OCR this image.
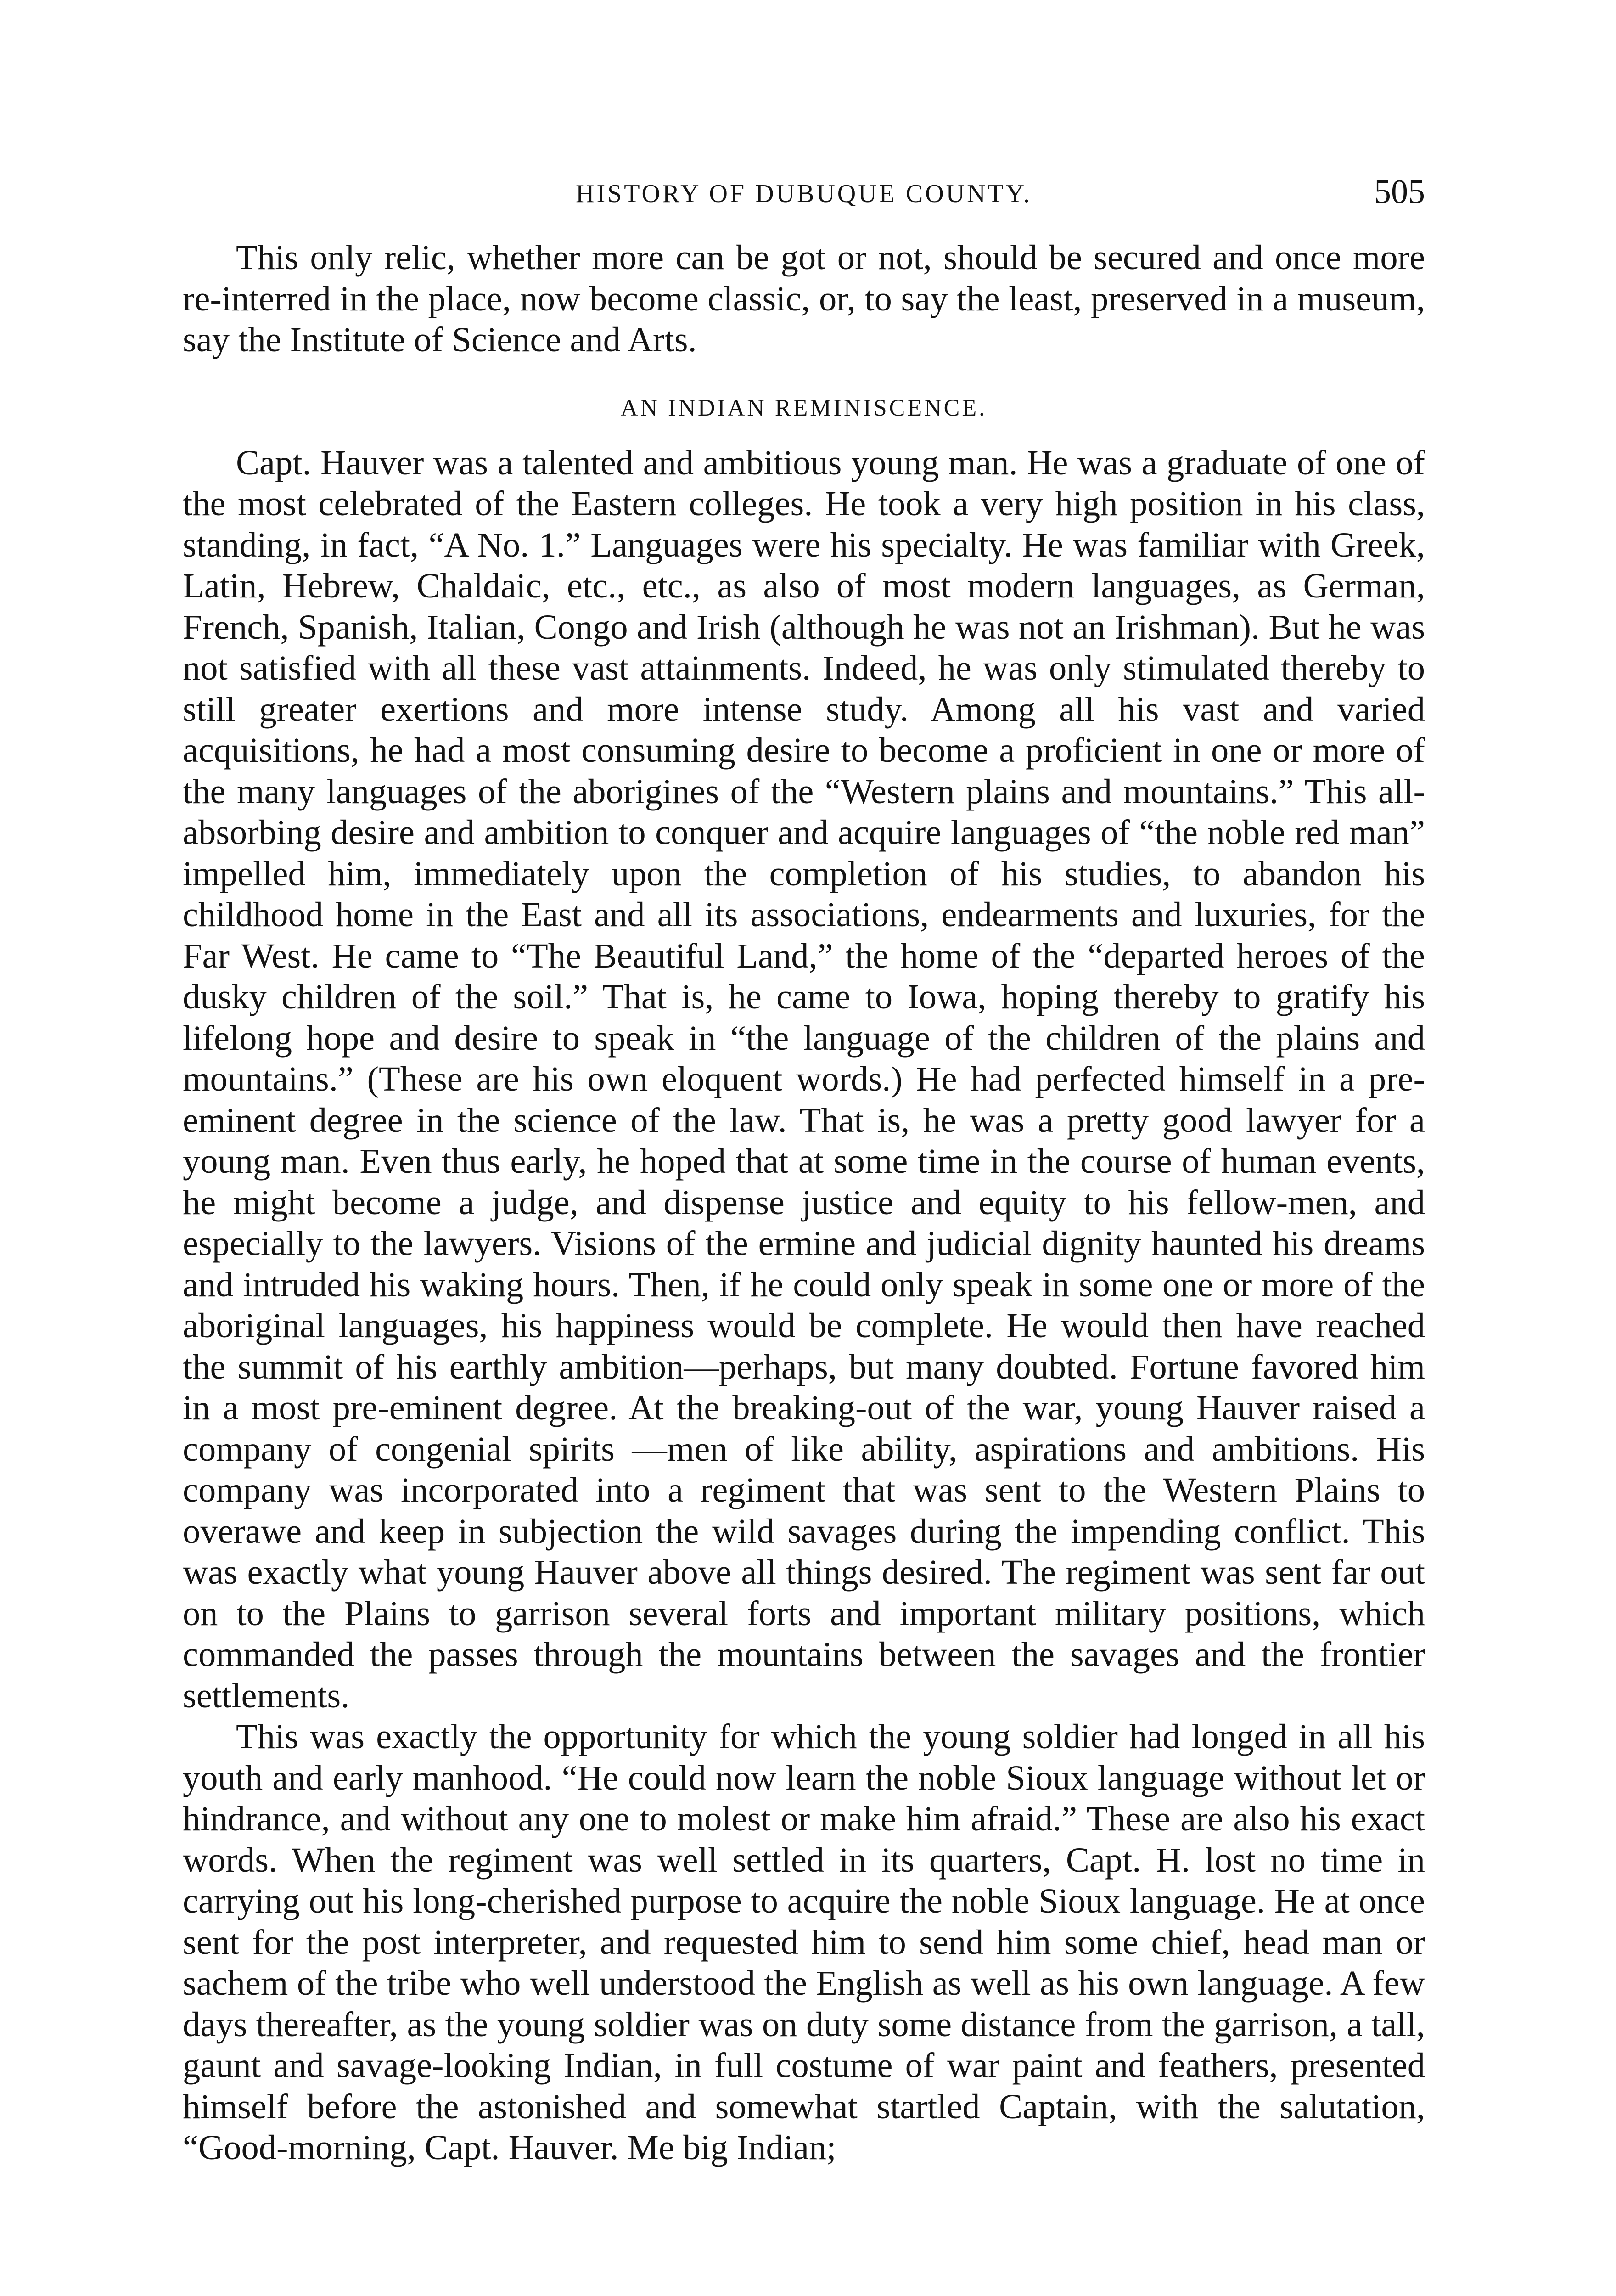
HISTORY OF DUBUQUE COUNTY.	505

This only relic, whether more can be got or not, should be secured and once more re-interred in the place, now become classic, or, to say the least, preserved in a museum, say the Institute of Science and Arts.

AN INDIAN REMINISCENCE.

Capt. Hauver was a talented and ambitious young man. He was a graduate of one of the most celebrated of the Eastern colleges. He took a very high position in his class, standing, in fact, “A No. 1.” Languages were his specialty. He was familiar with Greek, Latin, Hebrew, Chaldaic, etc., etc., as also of most modern languages, as German, French, Spanish, Italian, Congo and Irish (although he was not an Irishman). But he was not satisfied with all these vast attainments. Indeed, he was only stimulated thereby to still greater exertions and more intense study. Among all his vast and varied acquisitions, he had a most consuming desire to become a proficient in one or more of the many languages of the aborigines of the “Western plains and mountains.” This all-absorbing desire and ambition to conquer and acquire languages of “the noble red man” impelled him, immediately upon the completion of his studies, to abandon his childhood home in the East and all its associations, endearments and luxuries, for the Far West. He came to “The Beautiful Land,” the home of the “departed heroes of the dusky children of the soil.” That is, he came to Iowa, hoping thereby to gratify his lifelong hope and desire to speak in “the language of the children of the plains and mountains.” (These are his own eloquent words.) He had perfected himself in a pre-eminent degree in the science of the law. That is, he was a pretty good lawyer for a young man. Even thus early, he hoped that at some time in the course of human events, he might become a judge, and dispense justice and equity to his fellow-men, and especially to the lawyers. Visions of the ermine and judicial dignity haunted his dreams and intruded his waking hours. Then, if he could only speak in some one or more of the aboriginal languages, his happiness would be complete. He would then have reached the summit of his earthly ambition—perhaps, but many doubted. Fortune favored him in a most pre-eminent degree. At the breaking-out of the war, young Hauver raised a company of congenial spirits —men of like ability, aspirations and ambitions. His company was incorporated into a regiment that was sent to the Western Plains to overawe and keep in subjection the wild savages during the impending conflict. This was exactly what young Hauver above all things desired. The regiment was sent far out on to the Plains to garrison several forts and important military positions, which commanded the passes through the mountains between the savages and the frontier settlements.

This was exactly the opportunity for which the young soldier had longed in all his youth and early manhood. “He could now learn the noble Sioux language without let or hindrance, and without any one to molest or make him afraid.” These are also his exact words. When the regiment was well settled in its quarters, Capt. H. lost no time in carrying out his long-cherished purpose to acquire the noble Sioux language. He at once sent for the post interpreter, and requested him to send him some chief, head man or sachem of the tribe who well understood the English as well as his own language. A few days thereafter, as the young soldier was on duty some distance from the garrison, a tall, gaunt and savage-looking Indian, in full costume of war paint and feathers, presented himself before the astonished and somewhat startled Captain, with the salutation, “Good-morning, Capt. Hauver. Me big Indian;
